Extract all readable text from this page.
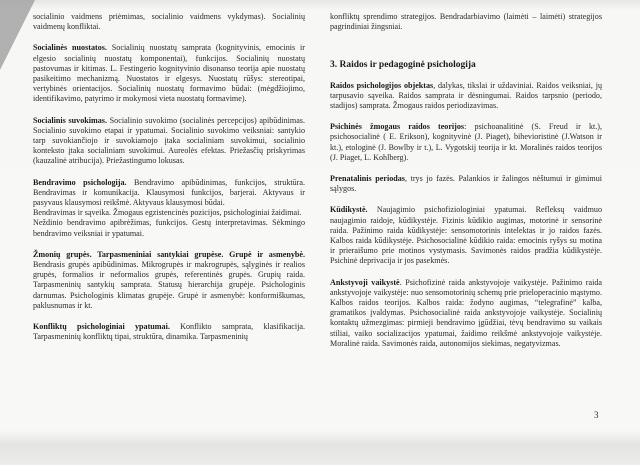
socialinio vaidmens priėmimas, socialinio vaidmens vykdymas). Socialinių vaidmenų konfliktai.

Socialinės nuostatos. Socialinių nuostatų samprata (kognityvinis, emocinis ir elgesio socialinių nuostatų komponentai), funkcijos. Socialinių nuostatų pastovumas ir kitimas. L. Festingerio kognityvinio disonanso teorija apie nuostatų pasikeitimo mechanizmą. Nuostatos ir elgesys. Nuostatų rūšys: stereotipai, vertybinės orientacijos. Socialinių nuostatų formavimo būdai: (mėgdžiojimo, identifikavimo, patyrimo ir mokymosi vieta nuostatų formavime).

Socialinis suvokimas. Socialinio suvokimo (socialinės percepcijos) apibūdinimas. Socialinio suvokimo etapai ir ypatumai. Socialinio suvokimo veiksniai: santykio tarp suvokiančiojo ir suvokiamojo įtaka socialiniam suvokimui, socialinio konteksto įtaka socialiniam suvokimui. Aureolės efektas. Priežasčių priskyrimas (kauzalinė atribucija). Priežastingumo lokusas.

Bendravimo psichologija. Bendravimo apibūdinimas, funkcijos, struktūra. Bendravimas ir komunikacija. Klausymosi funkcijos, barjerai. Aktyvaus ir pasyvaus klausymosi reikšmė. Aktyvaus klausymosi būdai.
Bendravimas ir sąveika. Žmogaus egzistencinės pozicijos, psichologiniai žaidimai.
Neždinio bendravimo apibrėžimas, funkcijos. Gestų interpretavimas. Sėkmingo bendravimo veiksniai ir ypatumai.

Žmonių grupės. Tarpasmeniniai santykiai grupėse. Grupė ir asmenybė. Bendrasis grupės apibūdinimas. Mikrogrupės ir makrogrupės, sąlyginės ir realios grupės, formalios ir neformalios grupės, referentinės grupės. Grupių raida. Tarpasmeninių santykių samprata. Statusų hierarchija grupėje. Psichologinis darnumas. Psichologinis klimatas grupėje. Grupė ir asmenybė: konformiškumas, paklusnumas ir kt.

Konfliktų psichologiniai ypatumai. Konflikto samprata, klasifikacija. Tarpasmeninių konfliktų tipai, struktūra, dinamika. Tarpasmeninių

konfliktų sprendimo strategijos. Bendradarbiavimo (laimėti – laimėti) strategijos pagrindiniai žingsniai.

3. Raidos ir pedagoginė psichologija

Raidos psichologijos objektas, dalykas, tikslai ir uždaviniai. Raidos veiksniai, jų tarpusavio sąveika. Raidos samprata ir dėsningumai. Raidos tarpsnio (periodo, stadijos) samprata. Žmogaus raidos periodizavimas.

Psichinės žmogaus raidos teorijos: psichoanalitinė (S. Freud ir kt.), psichosocialinė ( E. Erikson), kognityvinė (J. Piaget), bihevioristinė (J.Watson ir kt.), etologinė (J. Bowlby ir t.), L. Vygotskij teorija ir kt. Moralinės raidos teorijos (J. Piaget, L. Kohlberg).

Prenatalinis periodas, trys jo fazės. Palankios ir žalingos nėštumui ir gimimui sąlygos.

Kūdikystė. Naujagimio psichofiziologiniai ypatumai. Refleksų vaidmuo naujagimio raidoje, kūdikystėje. Fizinis kūdikio augimas, motorinė ir sensorinė raida. Pažinimo raida kūdikystėje: sensomotorinis intelektas ir jo raidos fazės. Kalbos raida kūdikystėje. Psichosocialinė kūdikio raida: emocinis ryšys su motina ir prieraišumo prie motinos vystymasis. Savimonės raidos pradžia kūdikystėje. Psichinė deprivacija ir jos pasekmės.

Ankstyvoji vaikystė. Psichofizinė raida ankstyvojoje vaikystėje. Pažinimo raida ankstyvojoje vaikystėje: nuo sensomotorinių schemų prie prieloperacinio mąstymo. Kalbos raidos teorijos. Kalbos raida: žodyno augimas, “telegrafinė” kalba, gramatikos įvaldymas. Psichosocialinė raida ankstyvojoje vaikystėje. Socialinių kontaktų užmezgimas: pirmieji bendravimo įgūdžiai, tėvų bendravimo su vaikais stiliai, vaiko socializacijos ypatumai, žaidimo reikšmė ankstyvojoje vaikystėje. Moralinė raida. Savimonės raida, autonomijos siekimas, negatyvizmas.

3
